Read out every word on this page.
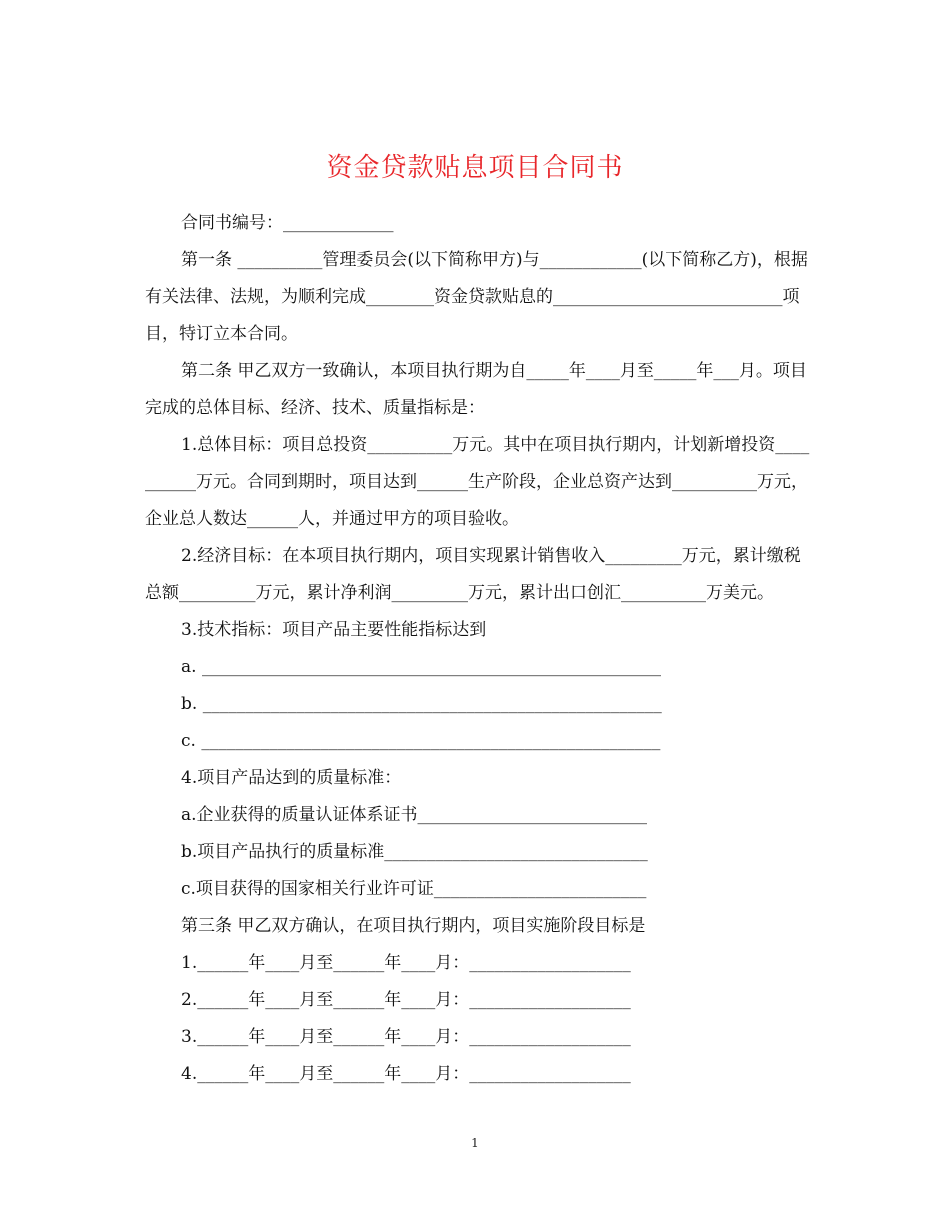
资金贷款贴息项目合同书

合同书编号：_____________

第一条 __________管理委员会(以下简称甲方)与____________(以下简称乙方)，根据有关法律、法规，为顺利完成________资金贷款贴息的___________________________项目，特订立本合同。

第二条 甲乙双方一致确认，本项目执行期为自_____年____月至_____年___月。项目完成的总体目标、经济、技术、质量指标是：

1.总体目标：项目总投资__________万元。其中在项目执行期内，计划新增投资__________万元。合同到期时，项目达到______生产阶段，企业总资产达到__________万元，企业总人数达______人，并通过甲方的项目验收。

2.经济目标：在本项目执行期内，项目实现累计销售收入_________万元，累计缴税总额_________万元，累计净利润_________万元，累计出口创汇__________万美元。

3.技术指标：项目产品主要性能指标达到

a. ______________________________________________________

b. ______________________________________________________

c. ______________________________________________________

4.项目产品达到的质量标准：

a.企业获得的质量认证体系证书___________________________

b.项目产品执行的质量标准_______________________________

c.项目获得的国家相关行业许可证_________________________

第三条 甲乙双方确认，在项目执行期内，项目实施阶段目标是

1.______年____月至______年____月：___________________

2.______年____月至______年____月：___________________

3.______年____月至______年____月：___________________

4.______年____月至______年____月：___________________

1
